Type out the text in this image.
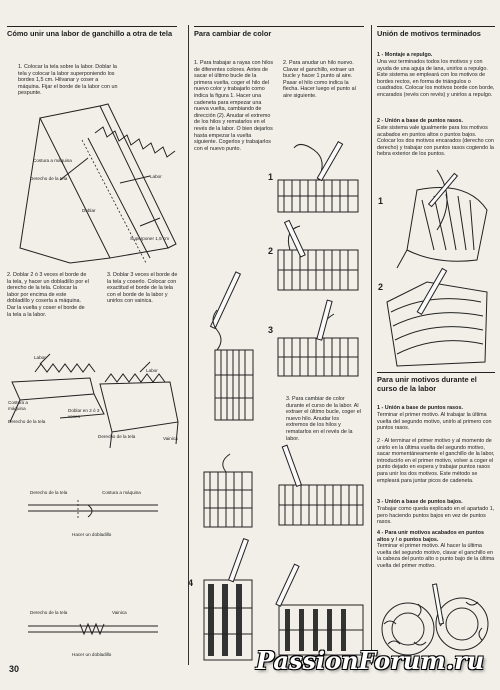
Cómo unir una labor de ganchillo a otra de tela
1. Colocar la tela sobre la labor. Doblar la tela y colocar la labor superponiendo los bordes 1,5 cm. Hilvanar y coser a máquina. Fijar el borde de la labor con un pespunte.
Costura a máquina
Derecho de la tela	Labor
Doblar
Superponer 1,5 cm
2. Doblar 2 ó 3 veces el borde de la tela, y hacer un dobladillo por el derecho de la tela. Colocar la labor por encima de este dobladillo y coserla a máquina. Dar la vuelta y coser el borde de la tela a la labor.
3. Doblar 3 veces el borde de la tela y coserlo. Colocar con exactitud el borde de la tela con el borde de la labor y unirlos con vainica.
Labor
Labor
Costura a máquina	Doblar en 2 ó 3 veces
Derecho de la tela
Derecho de la tela	Vainica
Derecho de la tela	Costura a máquina
Hacer un dobladillo
Derecho de la tela	Vainica
Hacer un dobladillo
30
Para cambiar de color
1. Para trabajar a rayas con hilos de diferentes colores. Antes de sacar el último bucle de la primera vuelta, coger el hilo del nuevo color y trabajarlo como indica la figura 1. Hacer una cadeneta para empezar una nueva vuelta, cambiando de dirección (2). Anudar el extremo de los hilos y rematarlos en el revés de la labor. O bien dejarlos hasta empezar la vuelta siguiente. Cogerlos y trabajarlos con el nuevo punto.
2. Para anudar un hilo nuevo. Clavar el ganchillo, extraer un bucle y hacer 1 punto al aire. Pasar el hilo como indica la flecha. Hacer luego el punto al aire siguiente.
1
2
3
3. Para cambiar de color durante el curso de la labor. Al extraer el último bucle, coger el nuevo hilo. Anudar los extremos de los hilos y rematarlos en el revés de la labor.
4
Unión de motivos terminados
1 - Montaje a repulgo.
Una vez terminados todos los motivos y con ayuda de una aguja de lana, unirlos a repulgo. Este sistema se empleará con los motivos de bordes rectos, en forma de triángulos o cuadrados. Colocar los motivos borde con borde, encarados (revés con revés) y unirlos a repulgo.
2 - Unión a base de puntos rasos.
Este sistema vale igualmente para los motivos acabados en puntos altos o puntos bajos. Colocar los dos motivos encarados (derecho con derecho) y trabajar con puntos rasos cogiendo la hebra exterior de los puntos.
1
2
Para unir motivos durante el curso de la labor
1 - Unión a base de puntos rasos.
Terminar el primer motivo. Al trabajar la última vuelta del segundo motivo, unirlo al primero con puntos rasos.
2 - Al terminar el primer motivo y al momento de unirlo en la última vuelta del segundo motivo, sacar momentáneamente el ganchillo de la labor, introducirlo en el primer motivo, volver a coger el punto dejado en espera y trabajar puntos rasos para unir los dos motivos. Este método se empleará para juntar picos de cadeneta.
3 - Unión a base de puntos bajos.
Trabajar como queda explicado en el apartado 1, pero haciendo puntos bajos en vez de puntos rasos.
4 - Para unir motivos acabados en puntos altos y / o puntos bajos.
Terminar el primer motivo. Al hacer la última vuelta del segundo motivo, clavar el ganchillo en la cabeza del punto alto o punto bajo de la última vuelta del primer motivo.
PassionForum.ru
